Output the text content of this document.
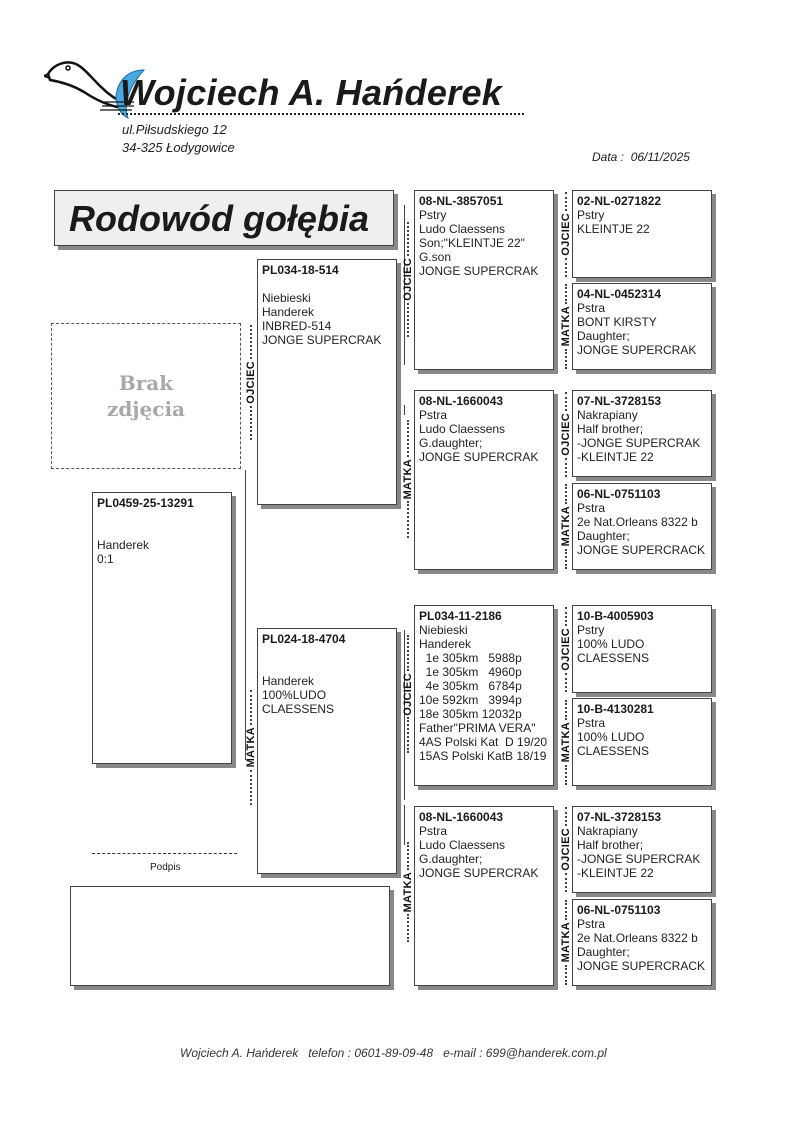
Wojciech A. Hańderek
ul.Piłsudskiego 12
34-325 Łodygowice
Data : 06/11/2025
Rodowód gołębia
Brak
zdjęcia
PL0459-25-13291

Handerek
0:1
PL034-18-514

Niebieski
Handerek
INBRED-514
JONGE SUPERCRAK
PL024-18-4704

Handerek
100%LUDO
CLAESSENS
08-NL-3857051
Pstry
Ludo Claessens
Son;"KLEINTJE 22"
G.son
JONGE SUPERCRAK
08-NL-1660043
Pstra
Ludo Claessens
G.daughter;
JONGE SUPERCRAK
PL034-11-2186
Niebieski
Handerek
1e 305km   5988p
1e 305km   4960p
4e 305km   6784p
10e 592km   3994p
18e 305km 12032p
Father"PRIMA VERA"
4AS Polski Kat  D 19/20
15AS Polski KatB 18/19
08-NL-1660043
Pstra
Ludo Claessens
G.daughter;
JONGE SUPERCRAK
02-NL-0271822
Pstry
KLEINTJE 22
04-NL-0452314
Pstra
BONT KIRSTY
Daughter;
JONGE SUPERCRAK
07-NL-3728153
Nakrapiany
Half brother;
-JONGE SUPERCRAK
-KLEINTJE 22
06-NL-0751103
Pstra
2e Nat.Orleans 8322 b
Daughter;
JONGE SUPERCRACK
10-B-4005903
Pstry
100% LUDO
CLAESSENS
10-B-4130281
Pstra
100% LUDO
CLAESSENS
07-NL-3728153
Nakrapiany
Half brother;
-JONGE SUPERCRAK
-KLEINTJE 22
06-NL-0751103
Pstra
2e Nat.Orleans 8322 b
Daughter;
JONGE SUPERCRACK
OJCIEC
MATKA
OJCIEC
MATKA
OJCIEC
MATKA
OJCIEC
MATKA
OJCIEC
MATKA
OJCIEC
MATKA
OJCIEC
MATKA
Podpis
Wojciech A. Hańderek telefon : 0601-89-09-48 e-mail : 699@handerek.com.pl
